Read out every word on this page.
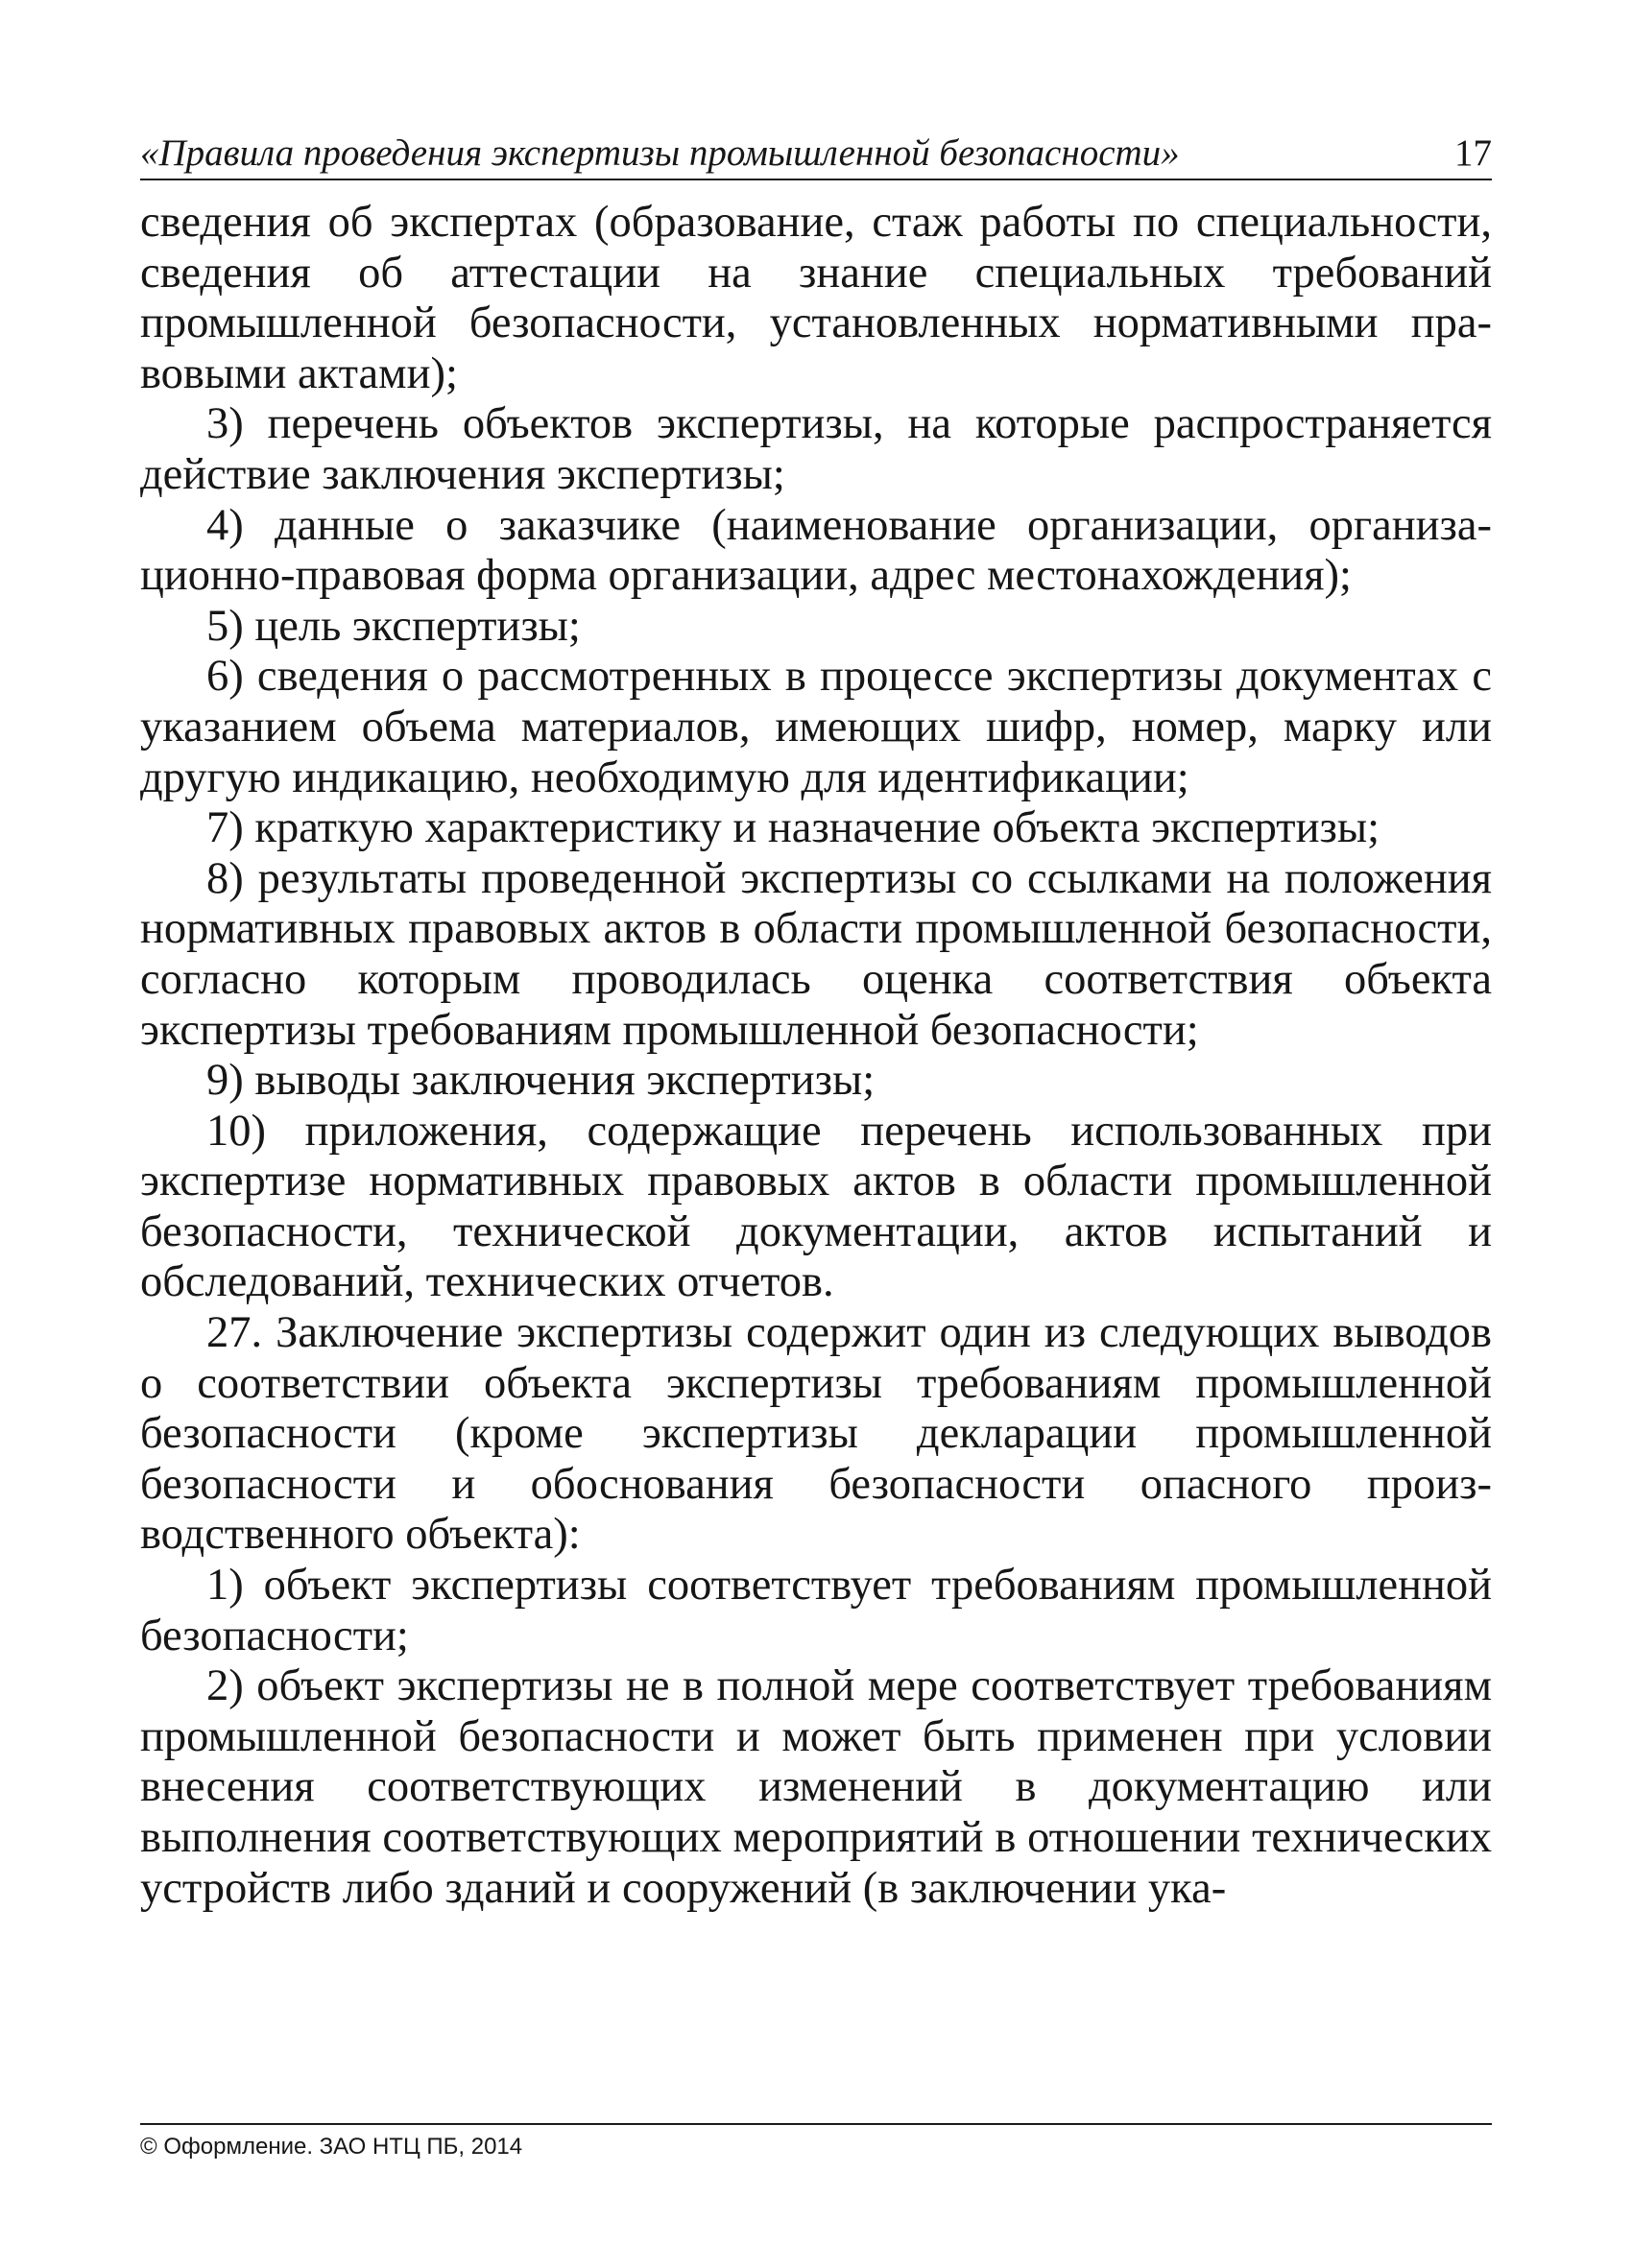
«Правила проведения экспертизы промышленной безопасности»	17

сведения об экспертах (образование, стаж работы по специальности, сведения об аттестации на знание специальных требований промышленной безопасности, установленных нормативными правовыми актами);

3) перечень объектов экспертизы, на которые распространяется действие заключения экспертизы;

4) данные о заказчике (наименование организации, организационно-правовая форма организации, адрес местонахождения);

5) цель экспертизы;

6) сведения о рассмотренных в процессе экспертизы документах с указанием объема материалов, имеющих шифр, номер, марку или другую индикацию, необходимую для идентификации;

7) краткую характеристику и назначение объекта экспертизы;

8) результаты проведенной экспертизы со ссылками на положения нормативных правовых актов в области промышленной безопасности, согласно которым проводилась оценка соответствия объекта экспертизы требованиям промышленной безопасности;

9) выводы заключения экспертизы;

10) приложения, содержащие перечень использованных при экспертизе нормативных правовых актов в области промышленной безопасности, технической документации, актов испытаний и обследований, технических отчетов.

27. Заключение экспертизы содержит один из следующих выводов о соответствии объекта экспертизы требованиям промышленной безопасности (кроме экспертизы декларации промышленной безопасности и обоснования безопасности опасного производственного объекта):

1) объект экспертизы соответствует требованиям промышленной безопасности;

2) объект экспертизы не в полной мере соответствует требованиям промышленной безопасности и может быть применен при условии внесения соответствующих изменений в документацию или выполнения соответствующих мероприятий в отношении технических устройств либо зданий и сооружений (в заключении ука-

© Оформление. ЗАО НТЦ ПБ, 2014
